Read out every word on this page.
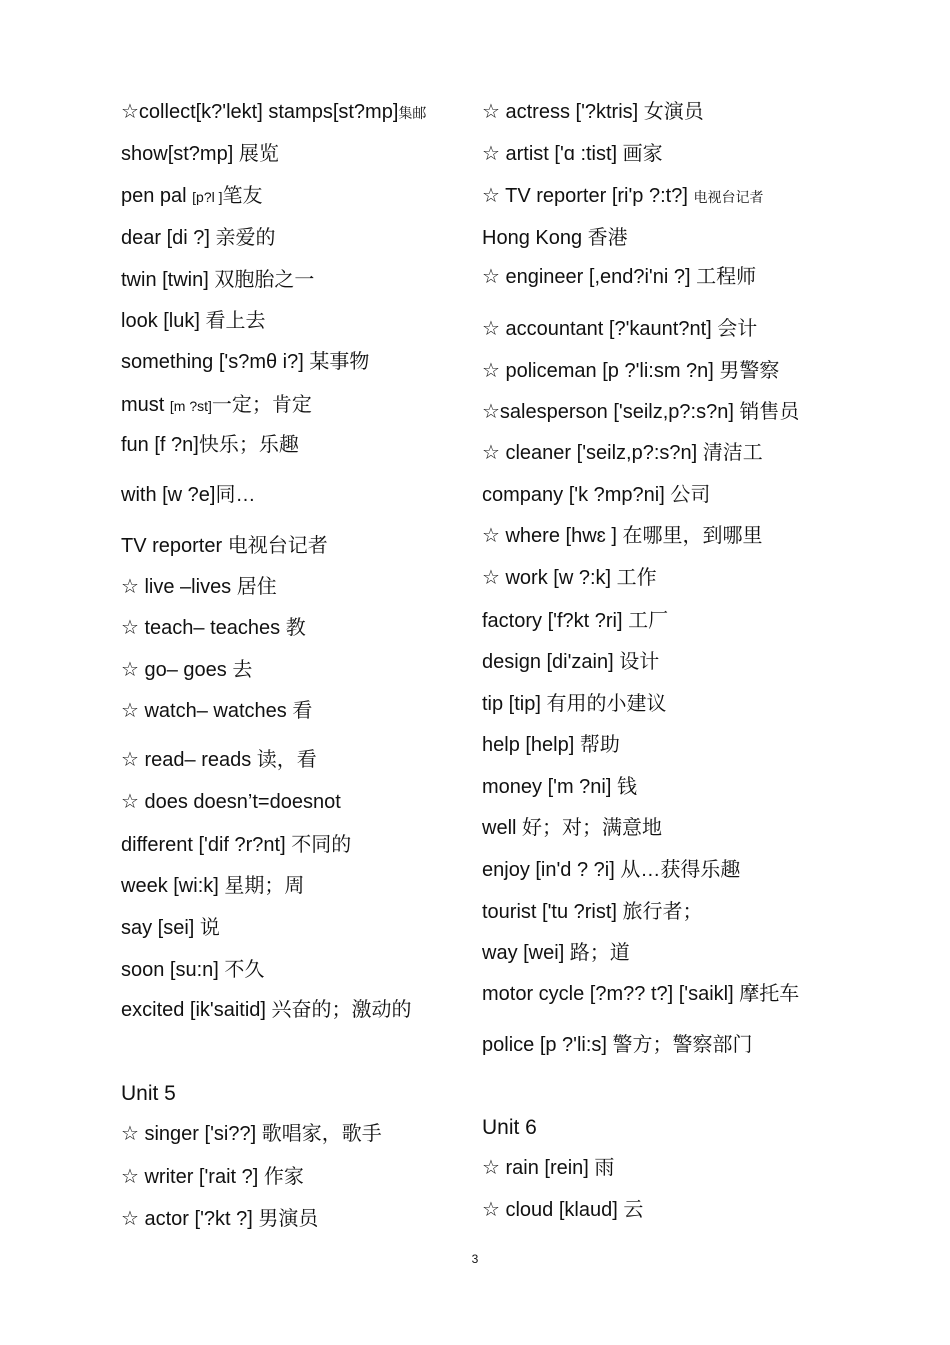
☆collect[k?'lekt] stamps[st?mp]集邮
show[st?mp] 展览
pen pal [p?l ]笔友
dear [di ?] 亲爱的
twin [twin] 双胞胎之一
look [luk] 看上去
something ['s?mθ i?] 某事物
must [m ?st]一定；肯定
fun [f ?n]快乐；乐趣
with [w ?e]同…
TV reporter 电视台记者
☆ live –lives 居住
☆ teach– teaches 教
☆ go– goes 去
☆ watch– watches 看
☆ read– reads 读，看
☆ does doesn’t=doesnot
different ['dif ?r?nt] 不同的
week [wi:k] 星期；周
say [sei] 说
soon [su:n] 不久
excited [ik'saitid] 兴奋的；激动的
Unit 5
☆ singer ['si??] 歌唱家，歌手
☆ writer ['rait ?] 作家
☆ actor ['?kt ?] 男演员
☆ actress ['?ktris] 女演员
☆ artist ['ɑ :tist] 画家
☆ TV reporter [ri'p ?:t?] 电视台记者
Hong Kong 香港
☆ engineer [,end?i'ni ?] 工程师
☆ accountant [?'kaunt?nt] 会计
☆ policeman [p ?'li:sm ?n] 男警察
☆salesperson ['seilz,p?:s?n] 销售员
☆ cleaner ['seilz,p?:s?n] 清洁工
company ['k ?mp?ni] 公司
☆ where [hwɛ ] 在哪里，到哪里
☆ work [w ?:k] 工作
factory ['f?kt ?ri] 工厂
design [di'zain] 设计
tip [tip] 有用的小建议
help [help] 帮助
money ['m ?ni] 钱
well 好；对；满意地
enjoy [in'd ? ?i] 从…获得乐趣
tourist ['tu ?rist] 旅行者；
way [wei] 路；道
motor cycle [?m?? t?] ['saikl] 摩托车
police [p ?'li:s] 警方；警察部门
Unit 6
☆ rain [rein] 雨
☆ cloud [klaud] 云
3
